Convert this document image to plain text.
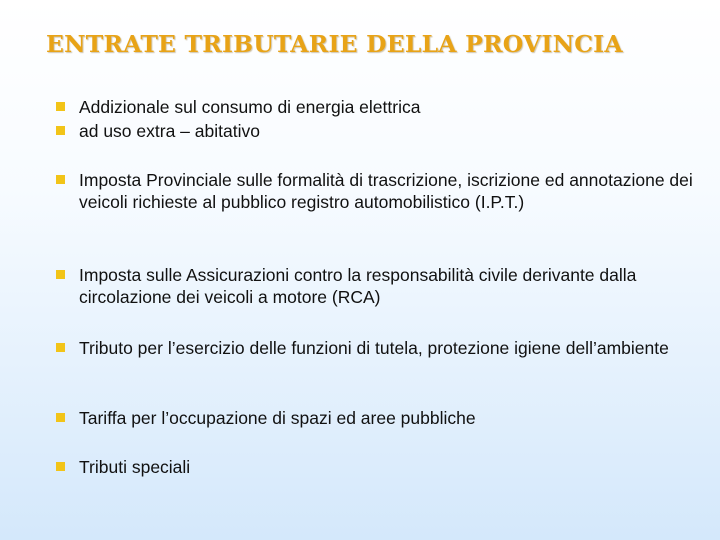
ENTRATE TRIBUTARIE DELLA PROVINCIA
Addizionale sul consumo di energia elettrica
ad uso extra – abitativo
Imposta Provinciale sulle formalità di trascrizione, iscrizione ed annotazione dei veicoli richieste al pubblico registro automobilistico (I.P.T.)
Imposta sulle Assicurazioni contro la responsabilità civile derivante dalla circolazione dei veicoli a motore (RCA)
Tributo per l’esercizio delle funzioni di tutela, protezione igiene dell’ambiente
Tariffa per l’occupazione di spazi ed aree pubbliche
Tributi speciali
